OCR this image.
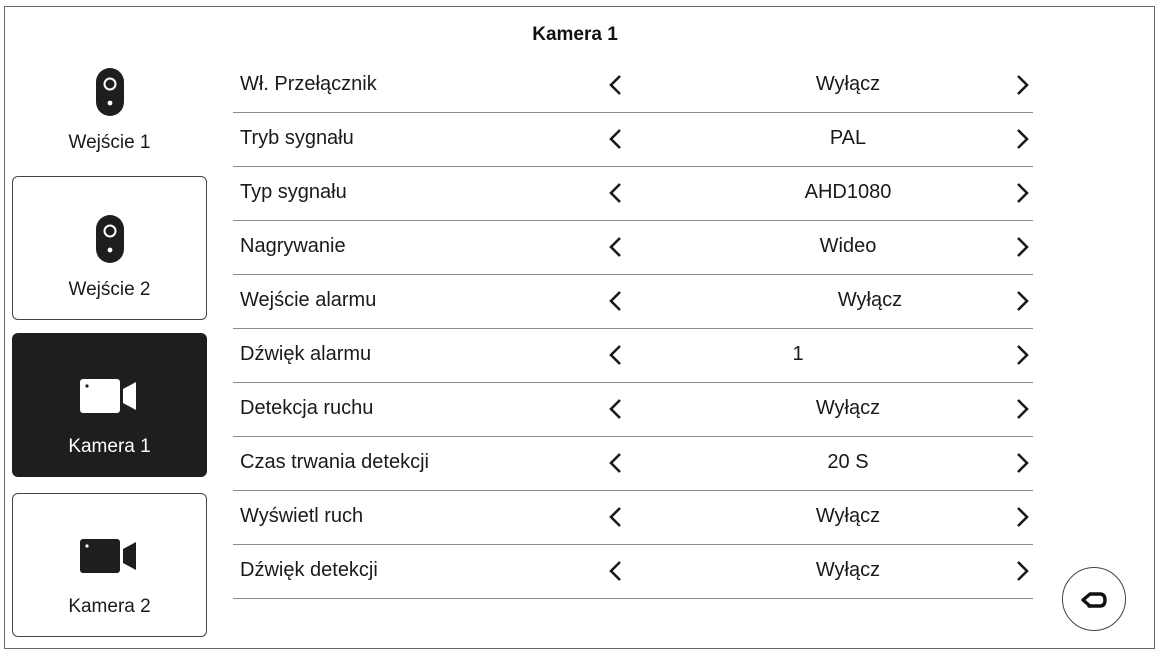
Kamera 1
Wejście 1
Wejście 2
Kamera 1
Kamera 2
Wł. Przełącznik	Wyłącz
Tryb sygnału	PAL
Typ sygnału	AHD1080
Nagrywanie	Wideo
Wejście alarmu	Wyłącz
Dźwięk alarmu	1
Detekcja ruchu	Wyłącz
Czas trwania detekcji	20 S
Wyświetl ruch	Wyłącz
Dźwięk detekcji	Wyłącz
